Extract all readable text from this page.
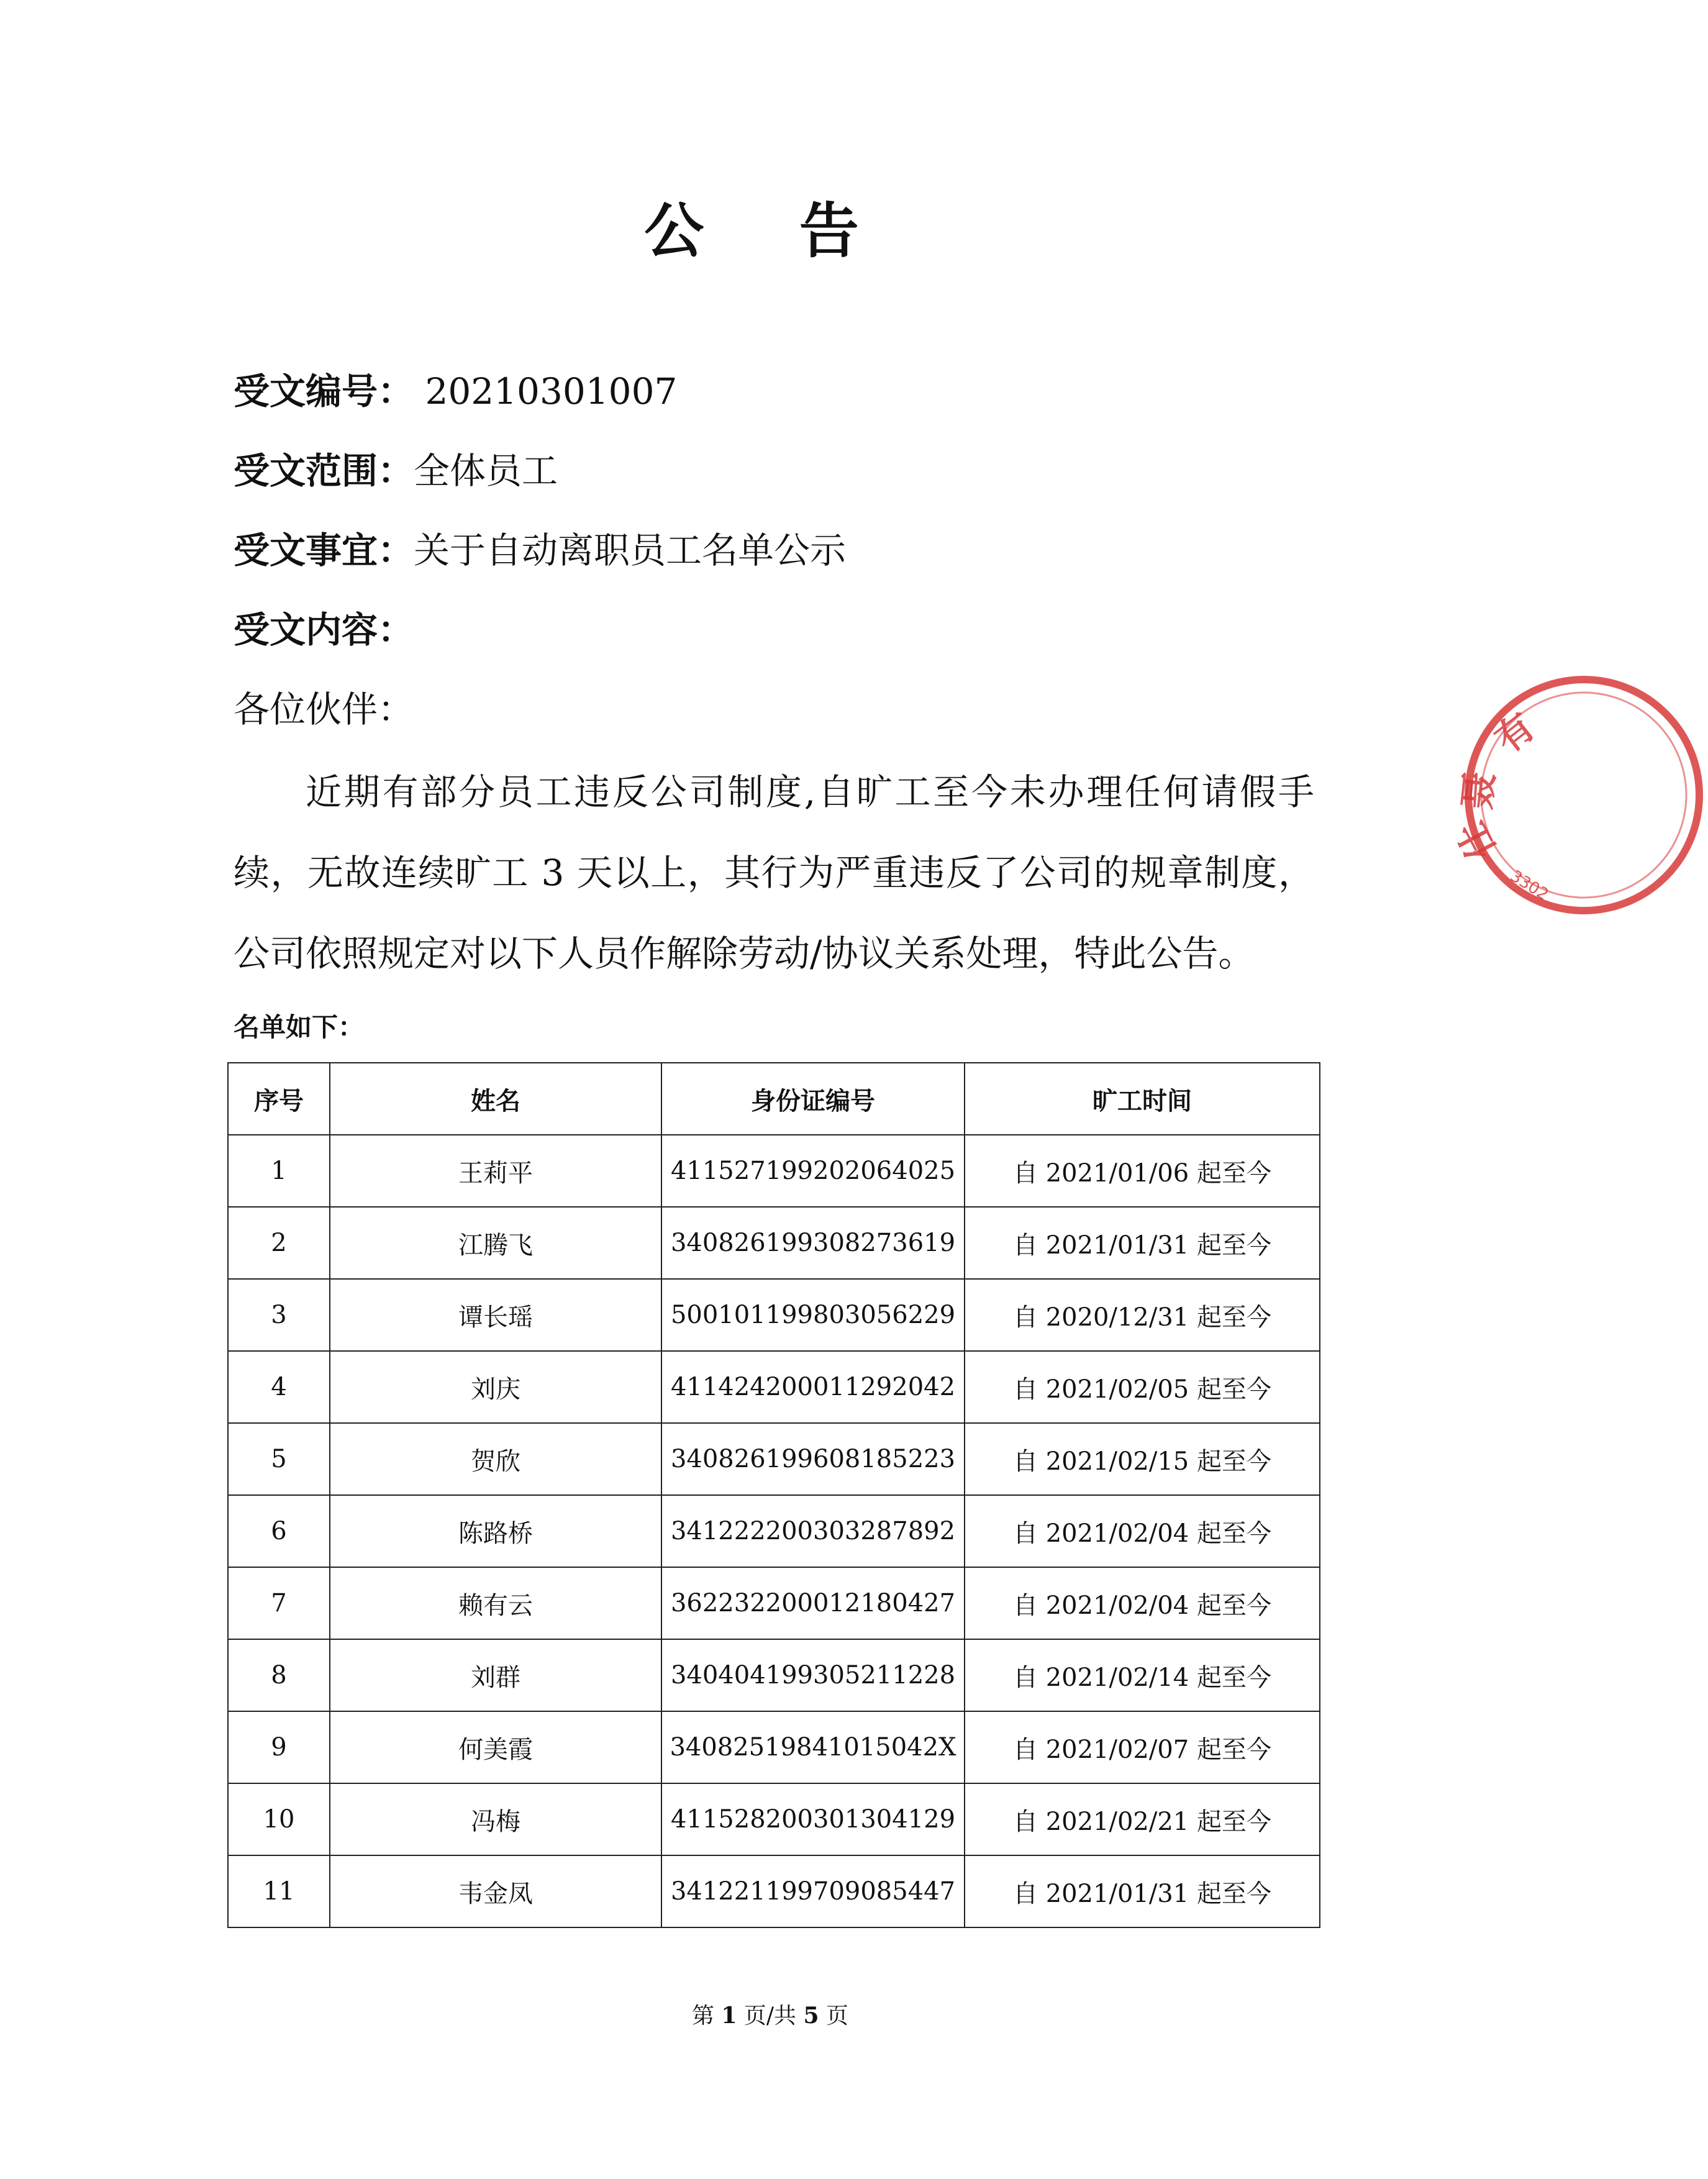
公 告
受文编号： 20210301007
受文范围：全体员工
受文事宜：关于自动离职员工名单公示
受文内容：
各位伙伴：
近期有部分员工违反公司制度,自旷工至今未办理任何请假手续，无故连续旷工 3 天以上，其行为严重违反了公司的规章制度，公司依照规定对以下人员作解除劳动/协议关系处理，特此公告。
名单如下：
序号	姓名	身份证编号	旷工时间
1	王莉平	411527199202064025	自 2021/01/06 起至今
2	江腾飞	340826199308273619	自 2021/01/31 起至今
3	谭长瑶	500101199803056229	自 2020/12/31 起至今
4	刘庆	411424200011292042	自 2021/02/05 起至今
5	贺欣	340826199608185223	自 2021/02/15 起至今
6	陈路桥	341222200303287892	自 2021/02/04 起至今
7	赖有云	362232200012180427	自 2021/02/04 起至今
8	刘群	340404199305211228	自 2021/02/14 起至今
9	何美霞	34082519841015042X	自 2021/02/07 起至今
10	冯梅	411528200301304129	自 2021/02/21 起至今
11	韦金凤	341221199709085447	自 2021/01/31 起至今
第 1 页/共 5 页
有
聂
仕
3302
